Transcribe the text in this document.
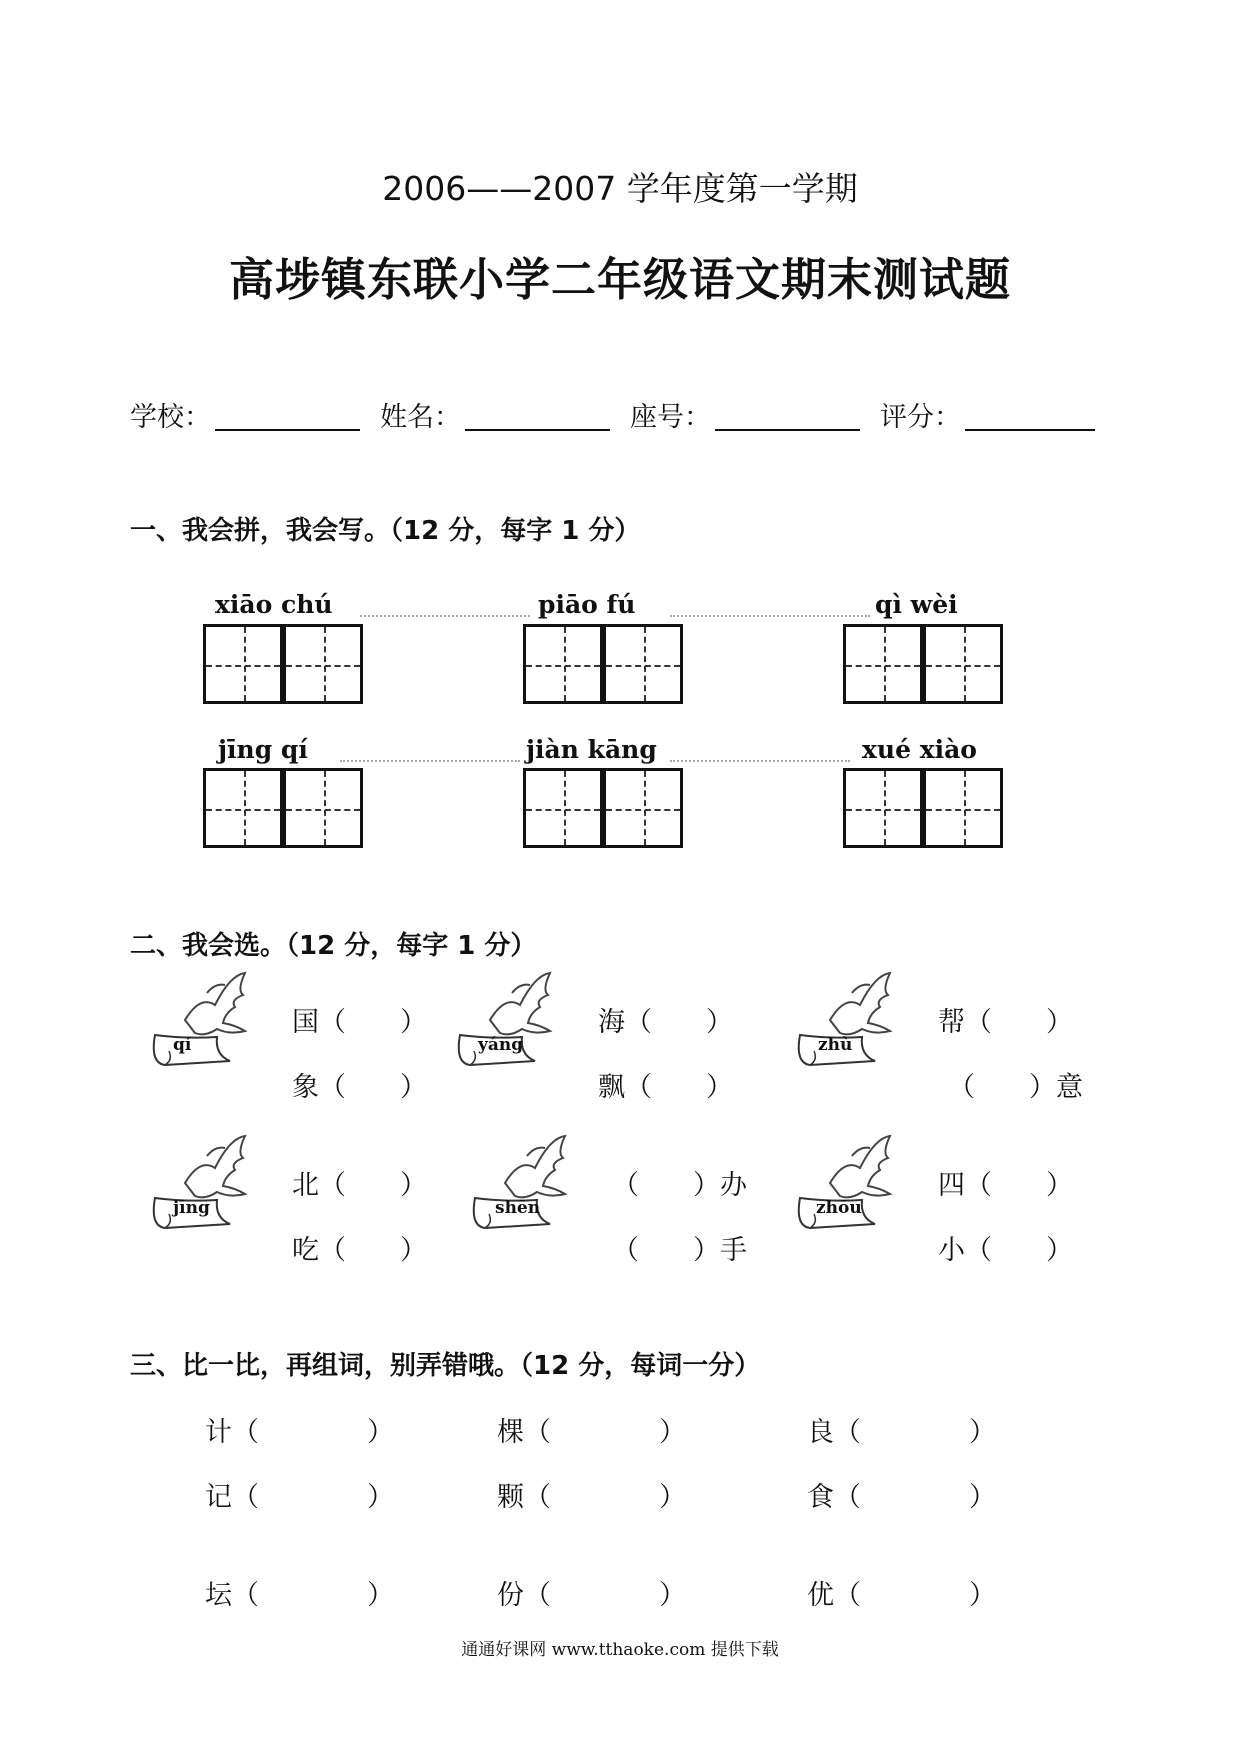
2006——2007 学年度第一学期
高埗镇东联小学二年级语文期末测试题
学校：	姓名：	座号：	评分：
一、我会拼，我会写。（12 分，每字 1 分）
xiāo chú	piāo fú	qì wèi
jīng qí	jiàn kāng	xué xiào
二、我会选。（12 分，每字 1 分）
qí
国（　　）
象（　　）
yáng
海（　　）
飘（　　）
zhù
帮（　　）
（　　）意
jīng
北（　　）
吃（　　）
shēn
（　　）办
（　　）手
zhōu
四（　　）
小（　　）
三、比一比，再组词，别弄错哦。（12 分，每词一分）
计（　　　　）	棵（　　　　）	良（　　　　）
记（　　　　）	颗（　　　　）	食（　　　　）
坛（　　　　）	份（　　　　）	优（　　　　）
通通好课网 www.tthaoke.com 提供下载
